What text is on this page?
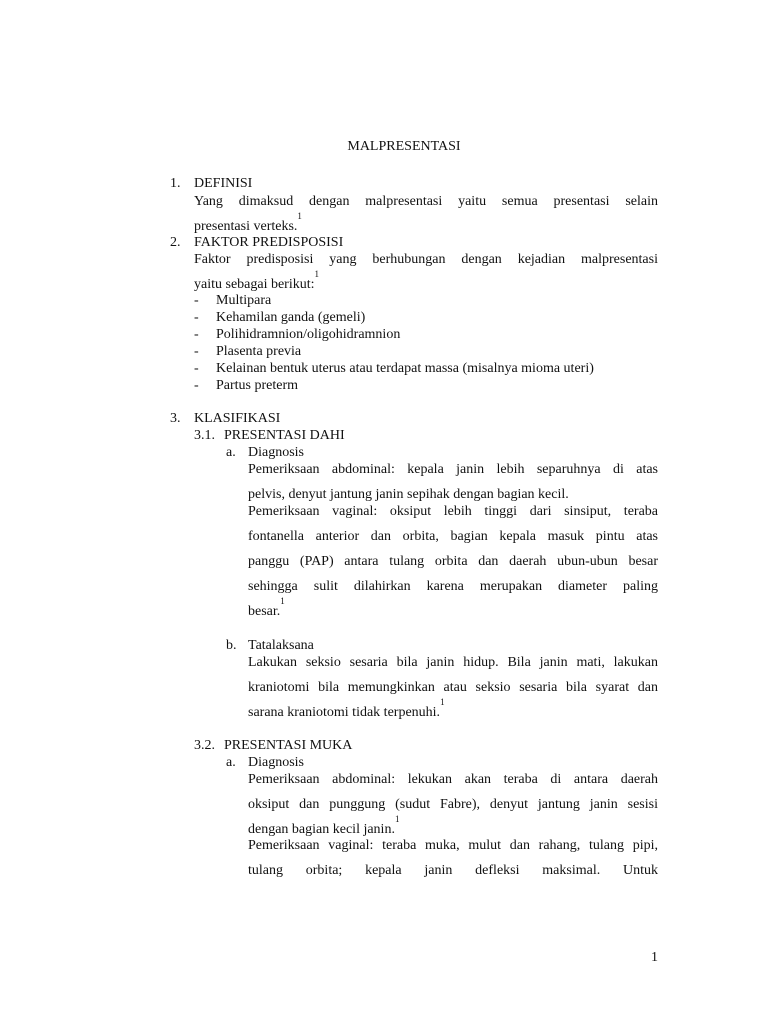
MALPRESENTASI
1. DEFINISI
Yang dimaksud dengan malpresentasi yaitu semua presentasi selain
presentasi verteks.$^1$
2. FAKTOR PREDISPOSISI
Faktor predisposisi yang berhubungan dengan kejadian malpresentasi
yaitu sebagai berikut:$^1$
- Multipara
- Kehamilan ganda (gemeli)
- Polihidramnion/oligohidramnion
- Plasenta previa
- Kelainan bentuk uterus atau terdapat massa (misalnya mioma uteri)
- Partus preterm
3. KLASIFIKASI
3.1. PRESENTASI DAHI
a. Diagnosis
Pemeriksaan abdominal: kepala janin lebih separuhnya di atas
pelvis, denyut jantung janin sepihak dengan bagian kecil.
Pemeriksaan vaginal: oksiput lebih tinggi dari sinsiput, teraba
fontanella anterior dan orbita, bagian kepala masuk pintu atas
panggu (PAP) antara tulang orbita dan daerah ubun-ubun besar
sehingga sulit dilahirkan karena merupakan diameter paling
besar.$^1$
b. Tatalaksana
Lakukan seksio sesaria bila janin hidup. Bila janin mati, lakukan
kraniotomi bila memungkinkan atau seksio sesaria bila syarat dan
sarana kraniotomi tidak terpenuhi.$^1$
3.2. PRESENTASI MUKA
a. Diagnosis
Pemeriksaan abdominal: lekukan akan teraba di antara daerah
oksiput dan punggung (sudut Fabre), denyut jantung janin sesisi
dengan bagian kecil janin.$^1$
Pemeriksaan vaginal: teraba muka, mulut dan rahang, tulang pipi,
tulang orbita; kepala janin defleksi maksimal. Untuk
1
